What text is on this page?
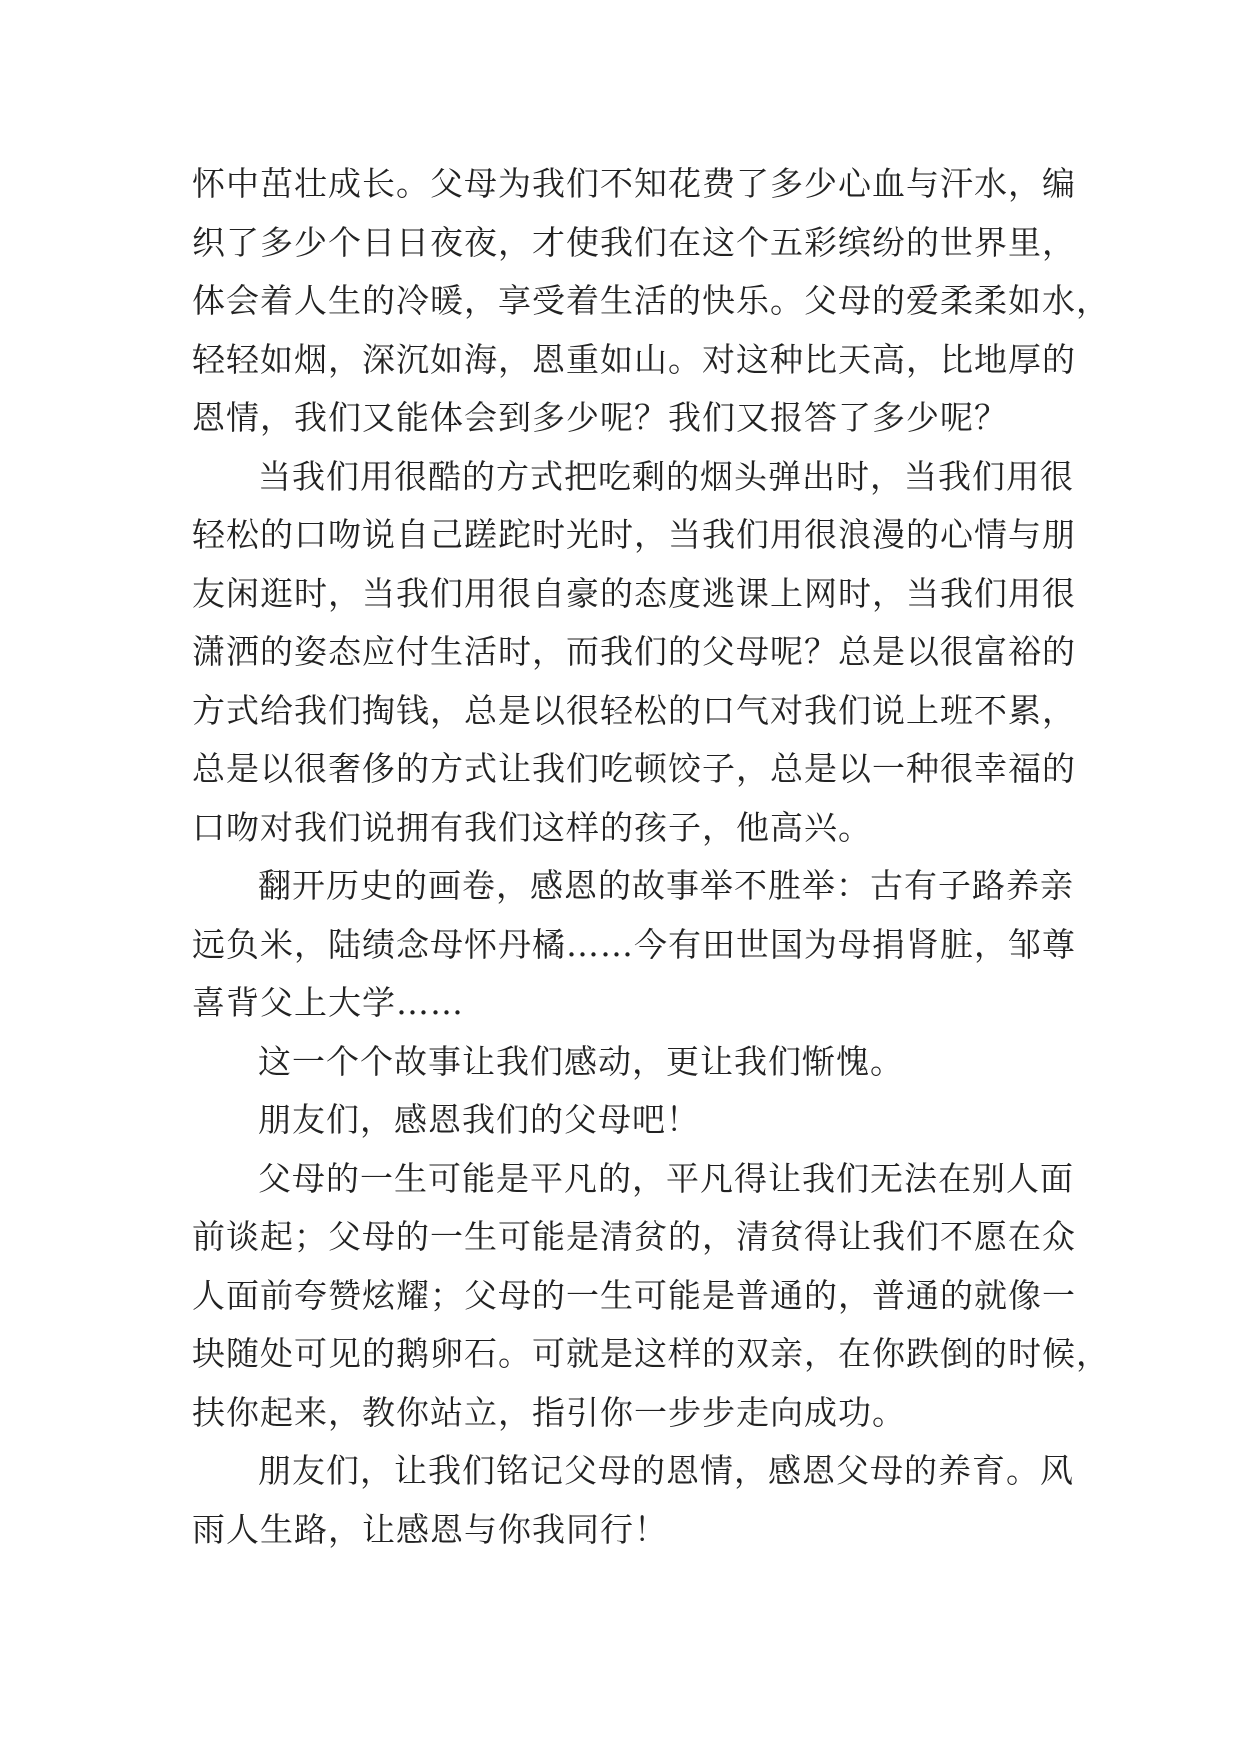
怀中茁壮成长。父母为我们不知花费了多少心血与汗水，编
织了多少个日日夜夜，才使我们在这个五彩缤纷的世界里，
体会着人生的冷暖，享受着生活的快乐。父母的爱柔柔如水，
轻轻如烟，深沉如海，恩重如山。对这种比天高，比地厚的
恩情，我们又能体会到多少呢？我们又报答了多少呢？
当我们用很酷的方式把吃剩的烟头弹出时，当我们用很
轻松的口吻说自己蹉跎时光时，当我们用很浪漫的心情与朋
友闲逛时，当我们用很自豪的态度逃课上网时，当我们用很
潇洒的姿态应付生活时，而我们的父母呢？总是以很富裕的
方式给我们掏钱，总是以很轻松的口气对我们说上班不累，
总是以很奢侈的方式让我们吃顿饺子，总是以一种很幸福的
口吻对我们说拥有我们这样的孩子，他高兴。
翻开历史的画卷，感恩的故事举不胜举：古有子路养亲
远负米，陆绩念母怀丹橘……今有田世国为母捐肾脏，邹尊
喜背父上大学……
这一个个故事让我们感动，更让我们惭愧。
朋友们，感恩我们的父母吧！
父母的一生可能是平凡的，平凡得让我们无法在别人面
前谈起；父母的一生可能是清贫的，清贫得让我们不愿在众
人面前夸赞炫耀；父母的一生可能是普通的，普通的就像一
块随处可见的鹅卵石。可就是这样的双亲，在你跌倒的时候，
扶你起来，教你站立，指引你一步步走向成功。
朋友们，让我们铭记父母的恩情，感恩父母的养育。风
雨人生路，让感恩与你我同行！
